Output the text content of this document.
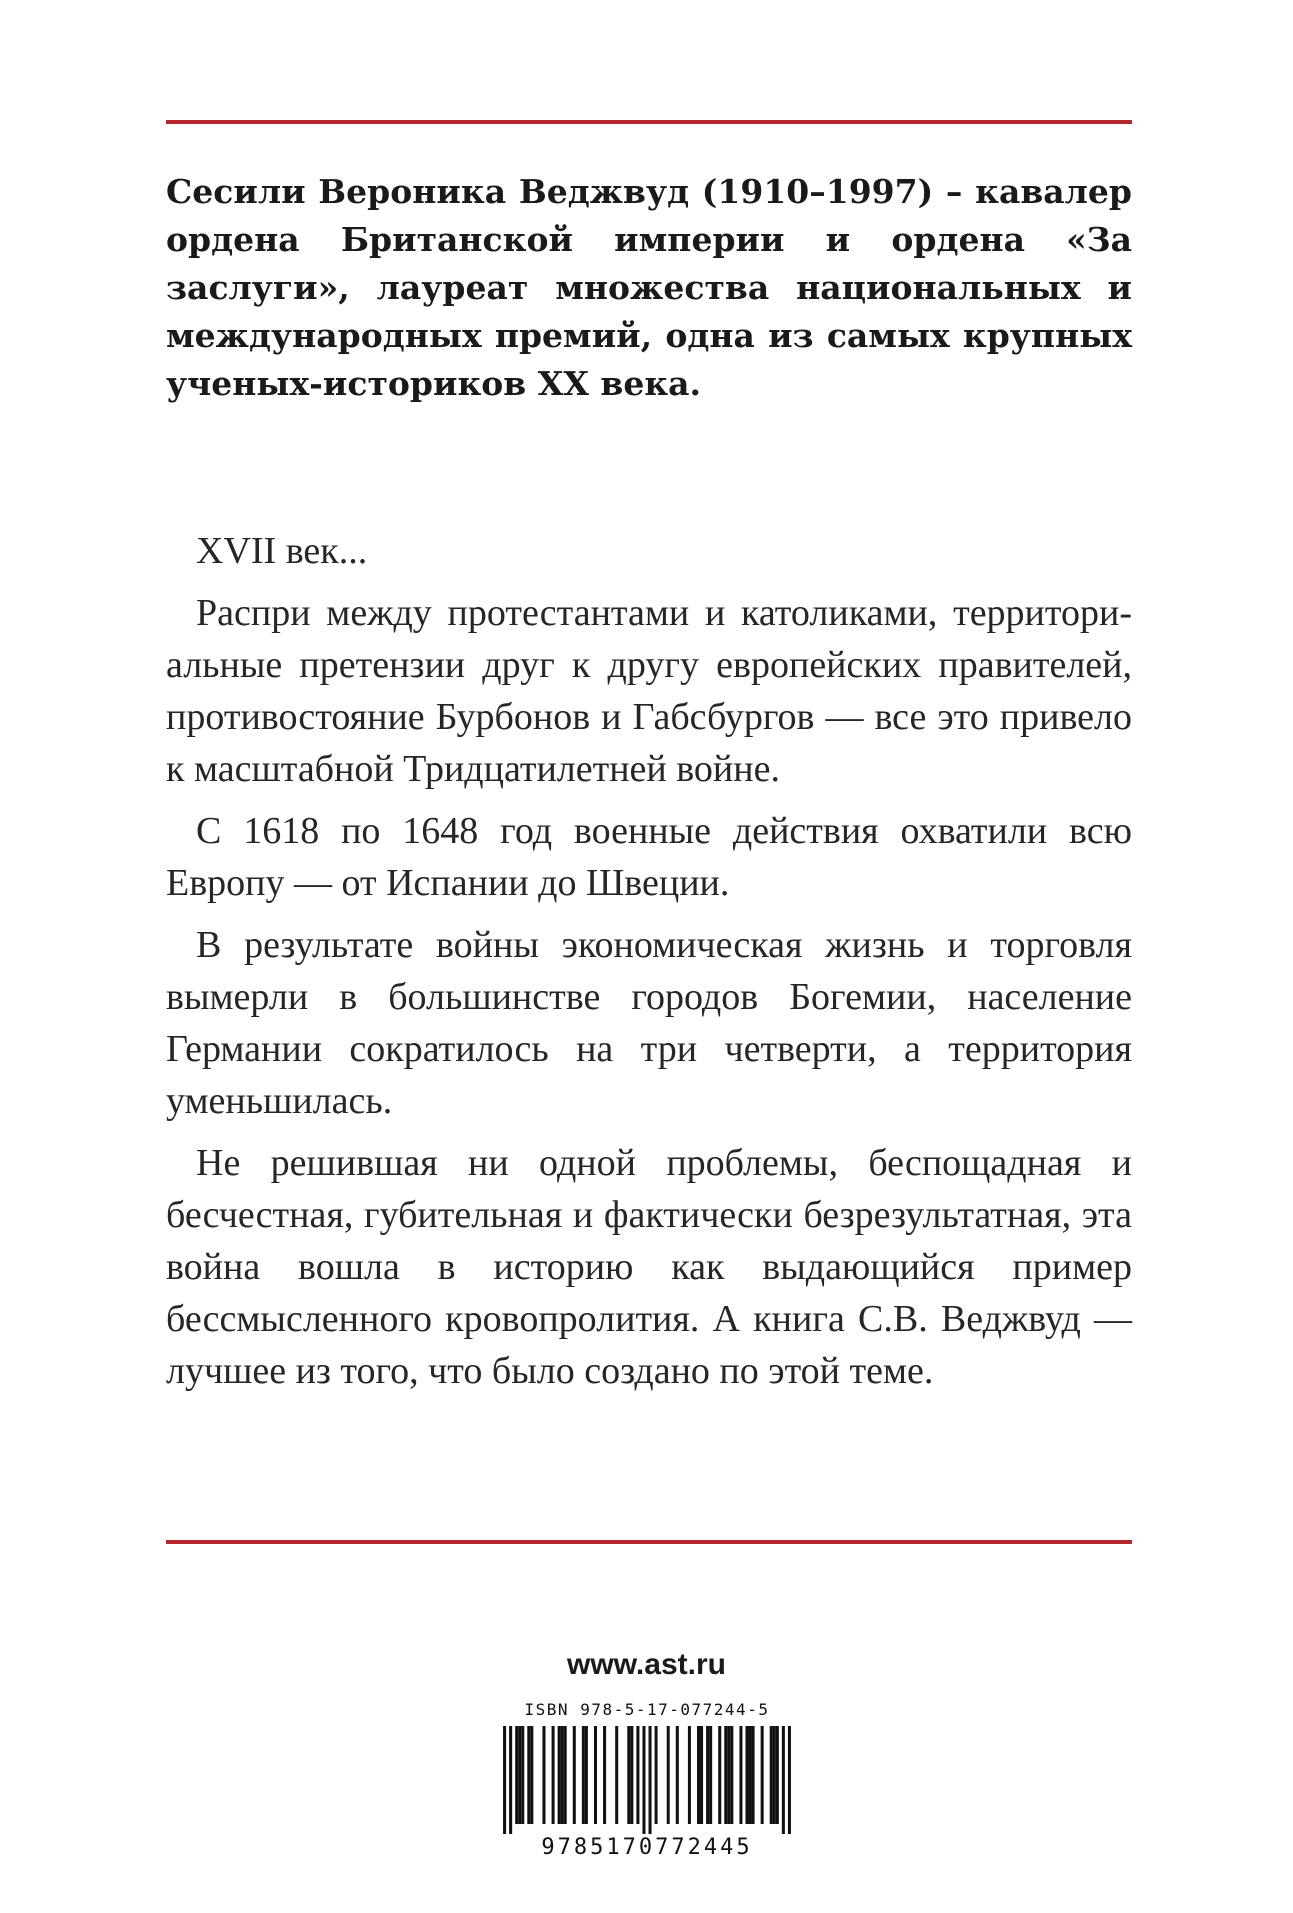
Сесили Вероника Веджвуд (1910–1997) – кавалер ордена Британской империи и ордена «За заслуги», лауреат множества национальных и международных премий, одна из самых крупных ученых-историков XX века.

XVII век...

Распри между протестантами и католиками, территориальные претензии друг к другу европейских правителей, противостояние Бурбонов и Габсбургов — все это привело к масштабной Тридцатилетней войне.

С 1618 по 1648 год военные действия охватили всю Европу — от Испании до Швеции.

В результате войны экономическая жизнь и торговля вымерли в большинстве городов Богемии, население Германии сократилось на три четверти, а территория уменьшилась.

Не решившая ни одной проблемы, беспощадная и бесчестная, губительная и фактически безрезультатная, эта война вошла в историю как выдающийся пример бессмысленного кровопролития. А книга С.В. Веджвуд — лучшее из того, что было создано по этой теме.

www.ast.ru
ISBN 978-5-17-077244-5
9785170772445
